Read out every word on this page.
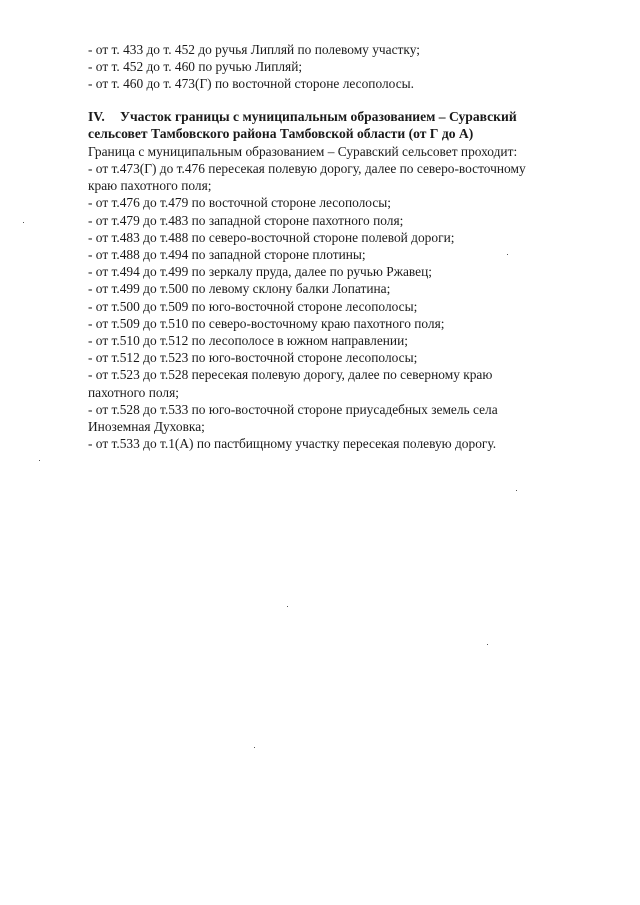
- от т. 433 до т. 452 до ручья Липляй по полевому участку;
- от т. 452 до т. 460 по ручью Липляй;
- от т. 460 до т. 473(Г) по восточной стороне лесополосы.
IV. Участок границы с муниципальным образованием – Суравский
сельсовет Тамбовского района Тамбовской области (от Г до А)
Граница с муниципальным образованием – Суравский сельсовет проходит:
- от т.473(Г) до т.476 пересекая полевую дорогу, далее по северо-восточному
краю пахотного поля;
- от т.476 до т.479 по восточной стороне лесополосы;
- от т.479 до т.483 по западной стороне пахотного поля;
- от т.483 до т.488 по северо-восточной стороне полевой дороги;
- от т.488 до т.494 по западной стороне плотины;
- от т.494 до т.499 по зеркалу пруда, далее по ручью Ржавец;
- от т.499 до т.500 по левому склону балки Лопатина;
- от т.500 до т.509 по юго-восточной стороне лесополосы;
- от т.509 до т.510 по северо-восточному краю пахотного поля;
- от т.510 до т.512 по лесополосе в южном направлении;
- от т.512 до т.523 по юго-восточной стороне лесополосы;
- от т.523 до т.528 пересекая полевую дорогу, далее по северному краю
пахотного поля;
- от т.528 до т.533 по юго-восточной стороне приусадебных земель села
Иноземная Духовка;
- от т.533 до т.1(А) по пастбищному участку пересекая полевую дорогу.
